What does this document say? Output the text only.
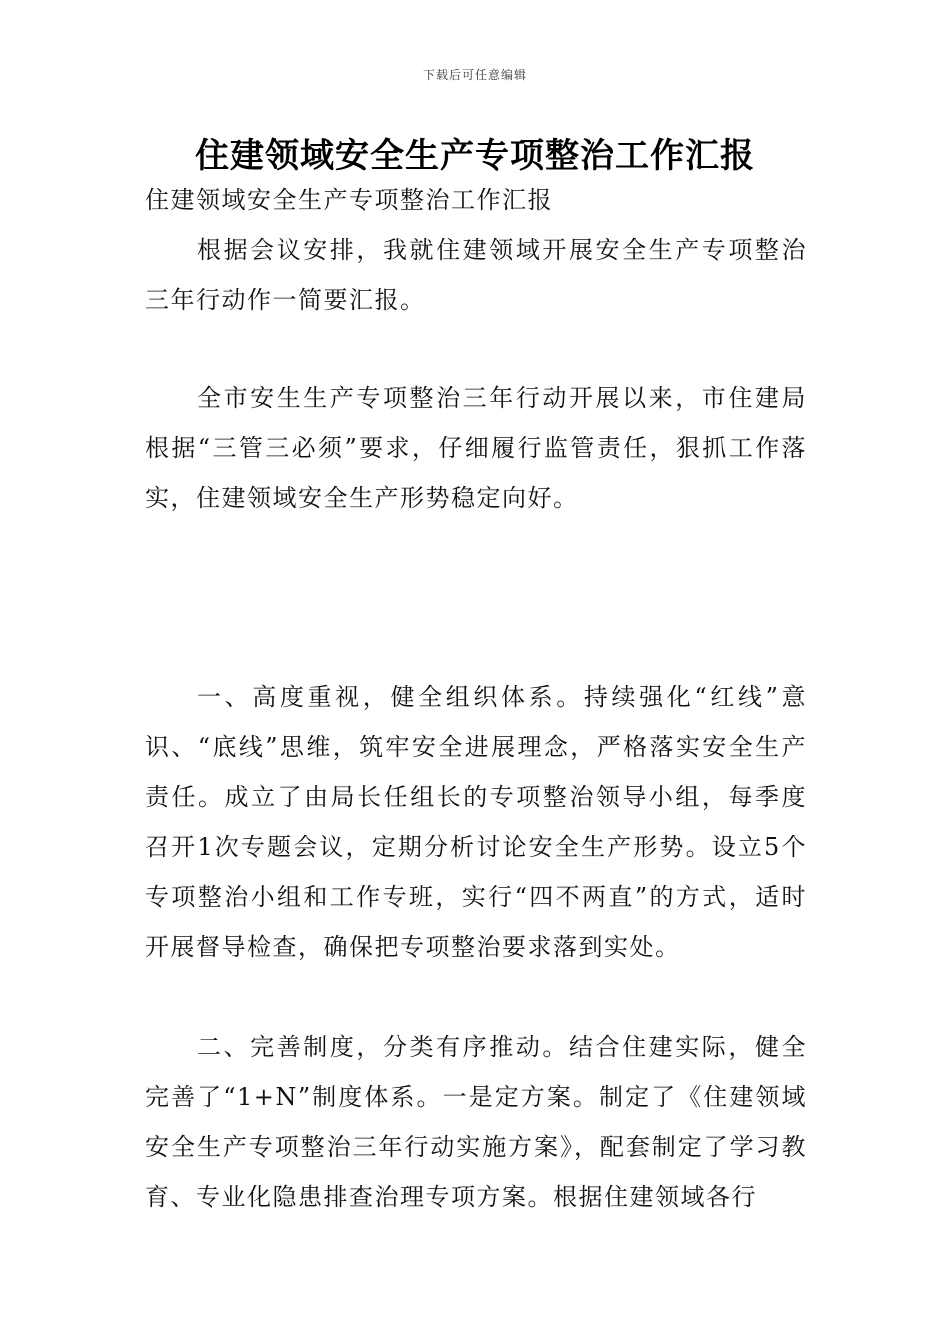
下载后可任意编辑
住建领域安全生产专项整治工作汇报

住建领域安全生产专项整治工作汇报

根据会议安排，我就住建领域开展安全生产专项整治三年行动作一简要汇报。

全市安生生产专项整治三年行动开展以来，市住建局根据“三管三必须”要求，仔细履行监管责任，狠抓工作落实，住建领域安全生产形势稳定向好。

一、高度重视，健全组织体系。持续强化“红线”意识、“底线”思维，筑牢安全进展理念，严格落实安全生产责任。成立了由局长任组长的专项整治领导小组，每季度召开1次专题会议，定期分析讨论安全生产形势。设立5个专项整治小组和工作专班，实行“四不两直”的方式，适时开展督导检查，确保把专项整治要求落到实处。

二、完善制度，分类有序推动。结合住建实际，健全完善了“1+N”制度体系。一是定方案。制定了《住建领域安全生产专项整治三年行动实施方案》，配套制定了学习教育、专业化隐患排查治理专项方案。根据住建领域各行
